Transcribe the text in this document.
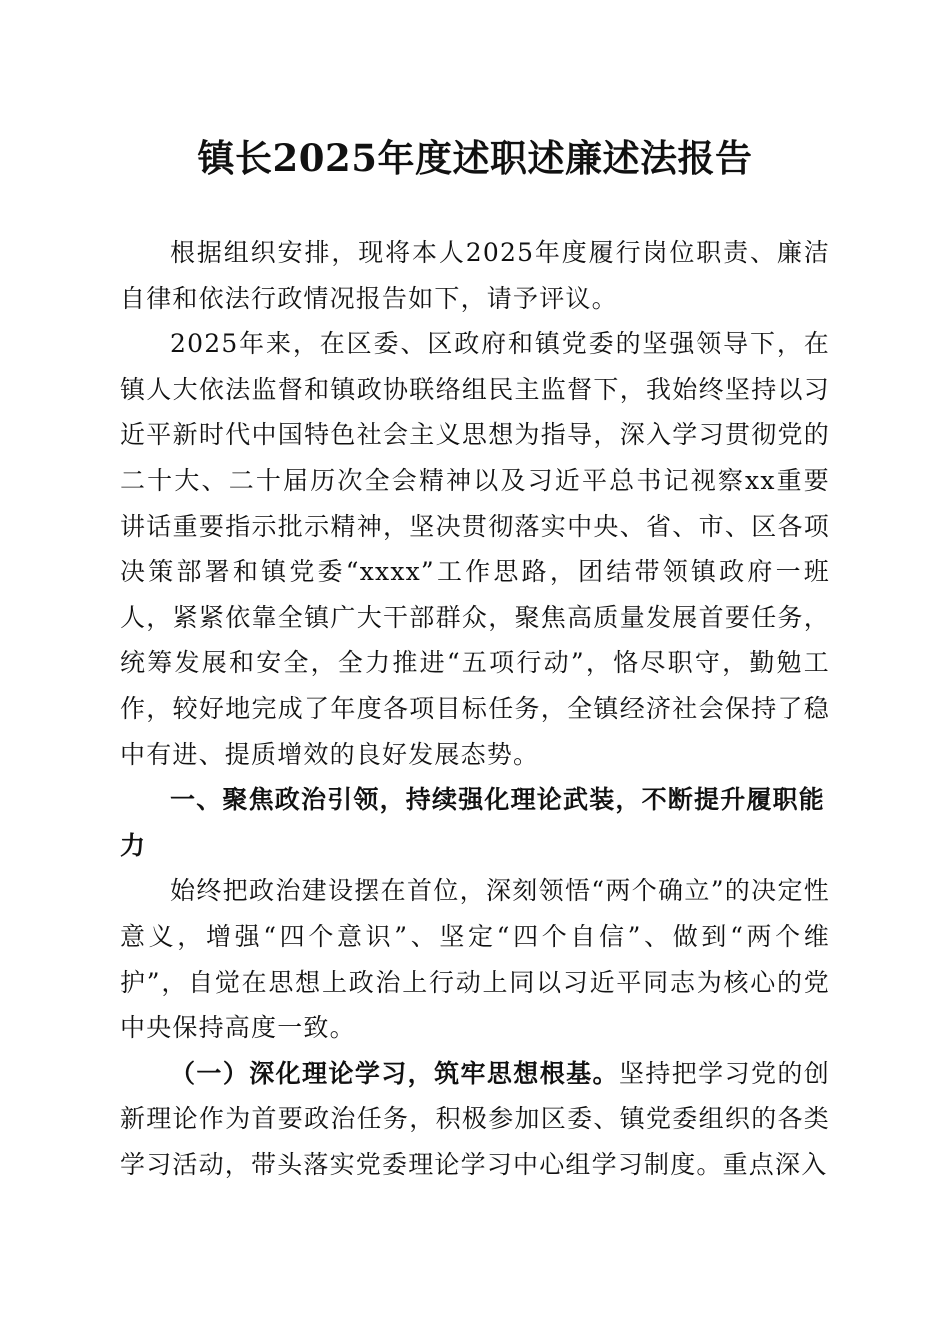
镇长2025年度述职述廉述法报告

根据组织安排，现将本人2025年度履行岗位职责、廉洁自律和依法行政情况报告如下，请予评议。

2025年来，在区委、区政府和镇党委的坚强领导下，在镇人大依法监督和镇政协联络组民主监督下，我始终坚持以习近平新时代中国特色社会主义思想为指导，深入学习贯彻党的二十大、二十届历次全会精神以及习近平总书记视察xx重要讲话重要指示批示精神，坚决贯彻落实中央、省、市、区各项决策部署和镇党委“xxxx”工作思路，团结带领镇政府一班人，紧紧依靠全镇广大干部群众，聚焦高质量发展首要任务，统筹发展和安全，全力推进“五项行动”，恪尽职守，勤勉工作，较好地完成了年度各项目标任务，全镇经济社会保持了稳中有进、提质增效的良好发展态势。

一、聚焦政治引领，持续强化理论武装，不断提升履职能力

始终把政治建设摆在首位，深刻领悟“两个确立”的决定性意义，增强“四个意识”、坚定“四个自信”、做到“两个维护”，自觉在思想上政治上行动上同以习近平同志为核心的党中央保持高度一致。

（一）深化理论学习，筑牢思想根基。坚持把学习党的创新理论作为首要政治任务，积极参加区委、镇党委组织的各类学习活动，带头落实党委理论学习中心组学习制度。重点深入
